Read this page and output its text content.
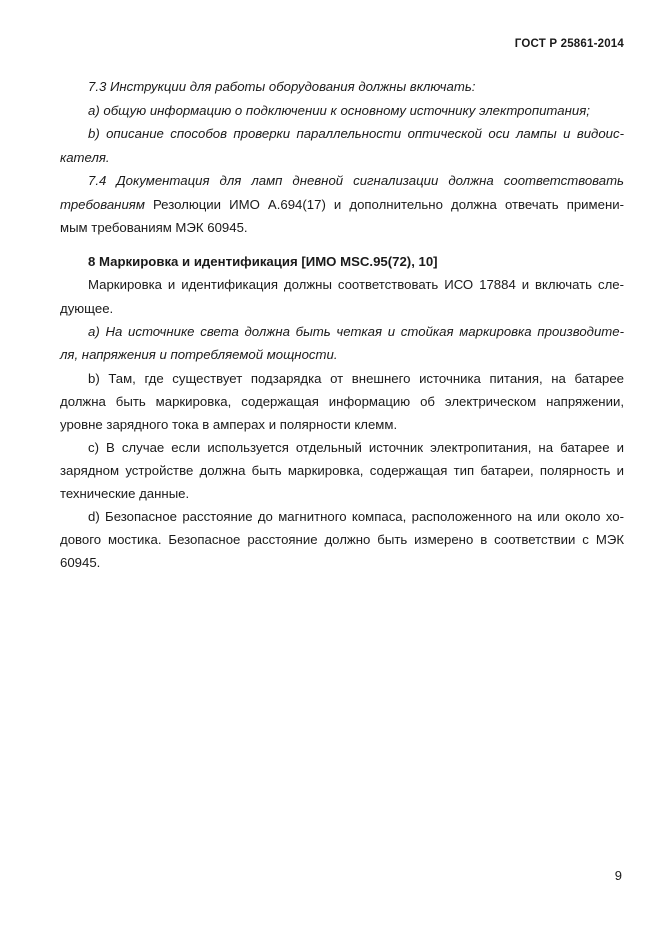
ГОСТ Р 25861-2014
7.3 Инструкции для работы оборудования должны включать:
а) общую информацию о подключении к основному источнику электропитания;
b) описание способов проверки параллельности оптической оси лампы и видоис-
кателя.
7.4 Документация для ламп дневной сигнализации должна соответствовать
требованиям Резолюции ИМО А.694(17) и дополнительно должна отвечать примени-
мым требованиям МЭК 60945.
8 Маркировка и идентификация [ИМО MSC.95(72), 10]
Маркировка и идентификация должны соответствовать ИСО 17884 и включать сле-
дующее.
а) На источнике света должна быть четкая и стойкая маркировка производите-
ля, напряжения и потребляемой мощности.
b) Там, где существует подзарядка от внешнего источника питания, на батарее
должна быть маркировка, содержащая информацию об электрическом напряжении,
уровне зарядного тока в амперах и полярности клемм.
c) В случае если используется отдельный источник электропитания, на батарее и
зарядном устройстве должна быть маркировка, содержащая тип батареи, полярность и
технические данные.
d) Безопасное расстояние до магнитного компаса, расположенного на или около хо-
дового мостика. Безопасное расстояние должно быть измерено в соответствии с МЭК
60945.
9
